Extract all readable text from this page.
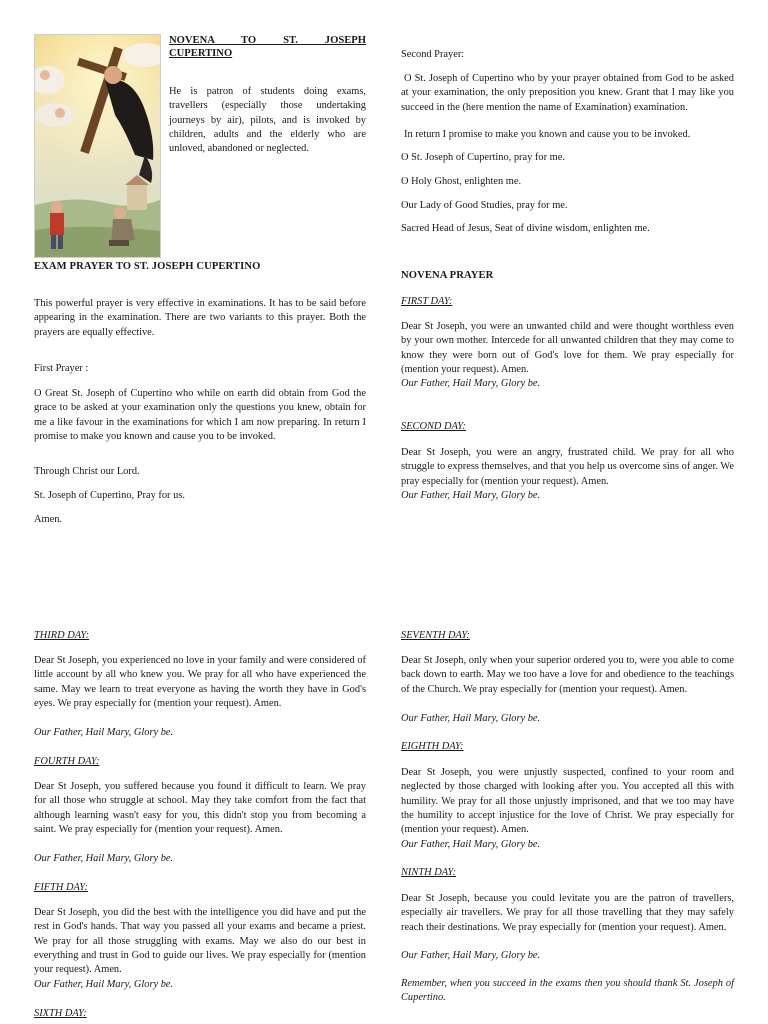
NOVENA TO ST. JOSEPH
CUPERTINO

He is patron of students doing exams, travellers (especially those undertaking journeys by air), pilots, and is invoked by children, adults and the elderly who are unloved, abandoned or neglected.

EXAM PRAYER TO ST. JOSEPH CUPERTINO

This powerful prayer is very effective in examinations. It has to be said before appearing in the examination. There are two variants to this prayer. Both the prayers are equally effective.

First Prayer :

O Great St. Joseph of Cupertino who while on earth did obtain from God the grace to be asked at your examination only the questions you knew, obtain for me a like favour in the examinations for which I am now preparing. In return I promise to make you known and cause you to be invoked.

Through Christ our Lord.

St. Joseph of Cupertino, Pray for us.

Amen.

Second Prayer:

O St. Joseph of Cupertino who by your prayer obtained from God to be asked at your examination, the only preposition you knew. Grant that I may like you succeed in the (here mention the name of Examination) examination.

In return I promise to make you known and cause you to be invoked.

O St. Joseph of Cupertino, pray for me.

O Holy Ghost, enlighten me.

Our Lady of Good Studies, pray for me.

Sacred Head of Jesus, Seat of divine wisdom, enlighten me.

NOVENA PRAYER

FIRST DAY:

Dear St Joseph, you were an unwanted child and were thought worthless even by your own mother. Intercede for all unwanted children that they may come to know they were born out of God's love for them. We pray especially for (mention your request). Amen.

Our Father, Hail Mary, Glory be.

SECOND DAY:

Dear St Joseph, you were an angry, frustrated child. We pray for all who struggle to express themselves, and that you help us overcome sins of anger. We pray especially for (mention your request). Amen.

Our Father, Hail Mary, Glory be.

THIRD DAY:

Dear St Joseph, you experienced no love in your family and were considered of little account by all who knew you. We pray for all who have experienced the same. May we learn to treat everyone as having the worth they have in God's eyes. We pray especially for (mention your request). Amen.

Our Father, Hail Mary, Glory be.

FOURTH DAY:

Dear St Joseph, you suffered because you found it difficult to learn. We pray for all those who struggle at school. May they take comfort from the fact that although learning wasn't easy for you, this didn't stop you from becoming a saint. We pray especially for (mention your request). Amen.

Our Father, Hail Mary, Glory be.

FIFTH DAY:

Dear St Joseph, you did the best with the intelligence you did have and put the rest in God's hands. That way you passed all your exams and became a priest. We pray for all those struggling with exams. May we also do our best in everything and trust in God to guide our lives. We pray especially for (mention your request). Amen.

Our Father, Hail Mary, Glory be.

SIXTH DAY:

SEVENTH DAY:

Dear St Joseph, only when your superior ordered you to, were you able to come back down to earth. May we too have a love for and obedience to the teachings of the Church. We pray especially for (mention your request). Amen.

Our Father, Hail Mary, Glory be.

EIGHTH DAY:

Dear St Joseph, you were unjustly suspected, confined to your room and neglected by those charged with looking after you. You accepted all this with humility. We pray for all those unjustly imprisoned, and that we too may have the humility to accept injustice for the love of Christ. We pray especially for (mention your request). Amen.

Our Father, Hail Mary, Glory be.

NINTH DAY:

Dear St Joseph, because you could levitate you are the patron of travellers, especially air travellers. We pray for all those travelling that they may safely reach their destinations. We pray especially for (mention your request). Amen.

Our Father, Hail Mary, Glory be.

Remember, when you succeed in the exams then you should thank St. Joseph of Cupertino.
